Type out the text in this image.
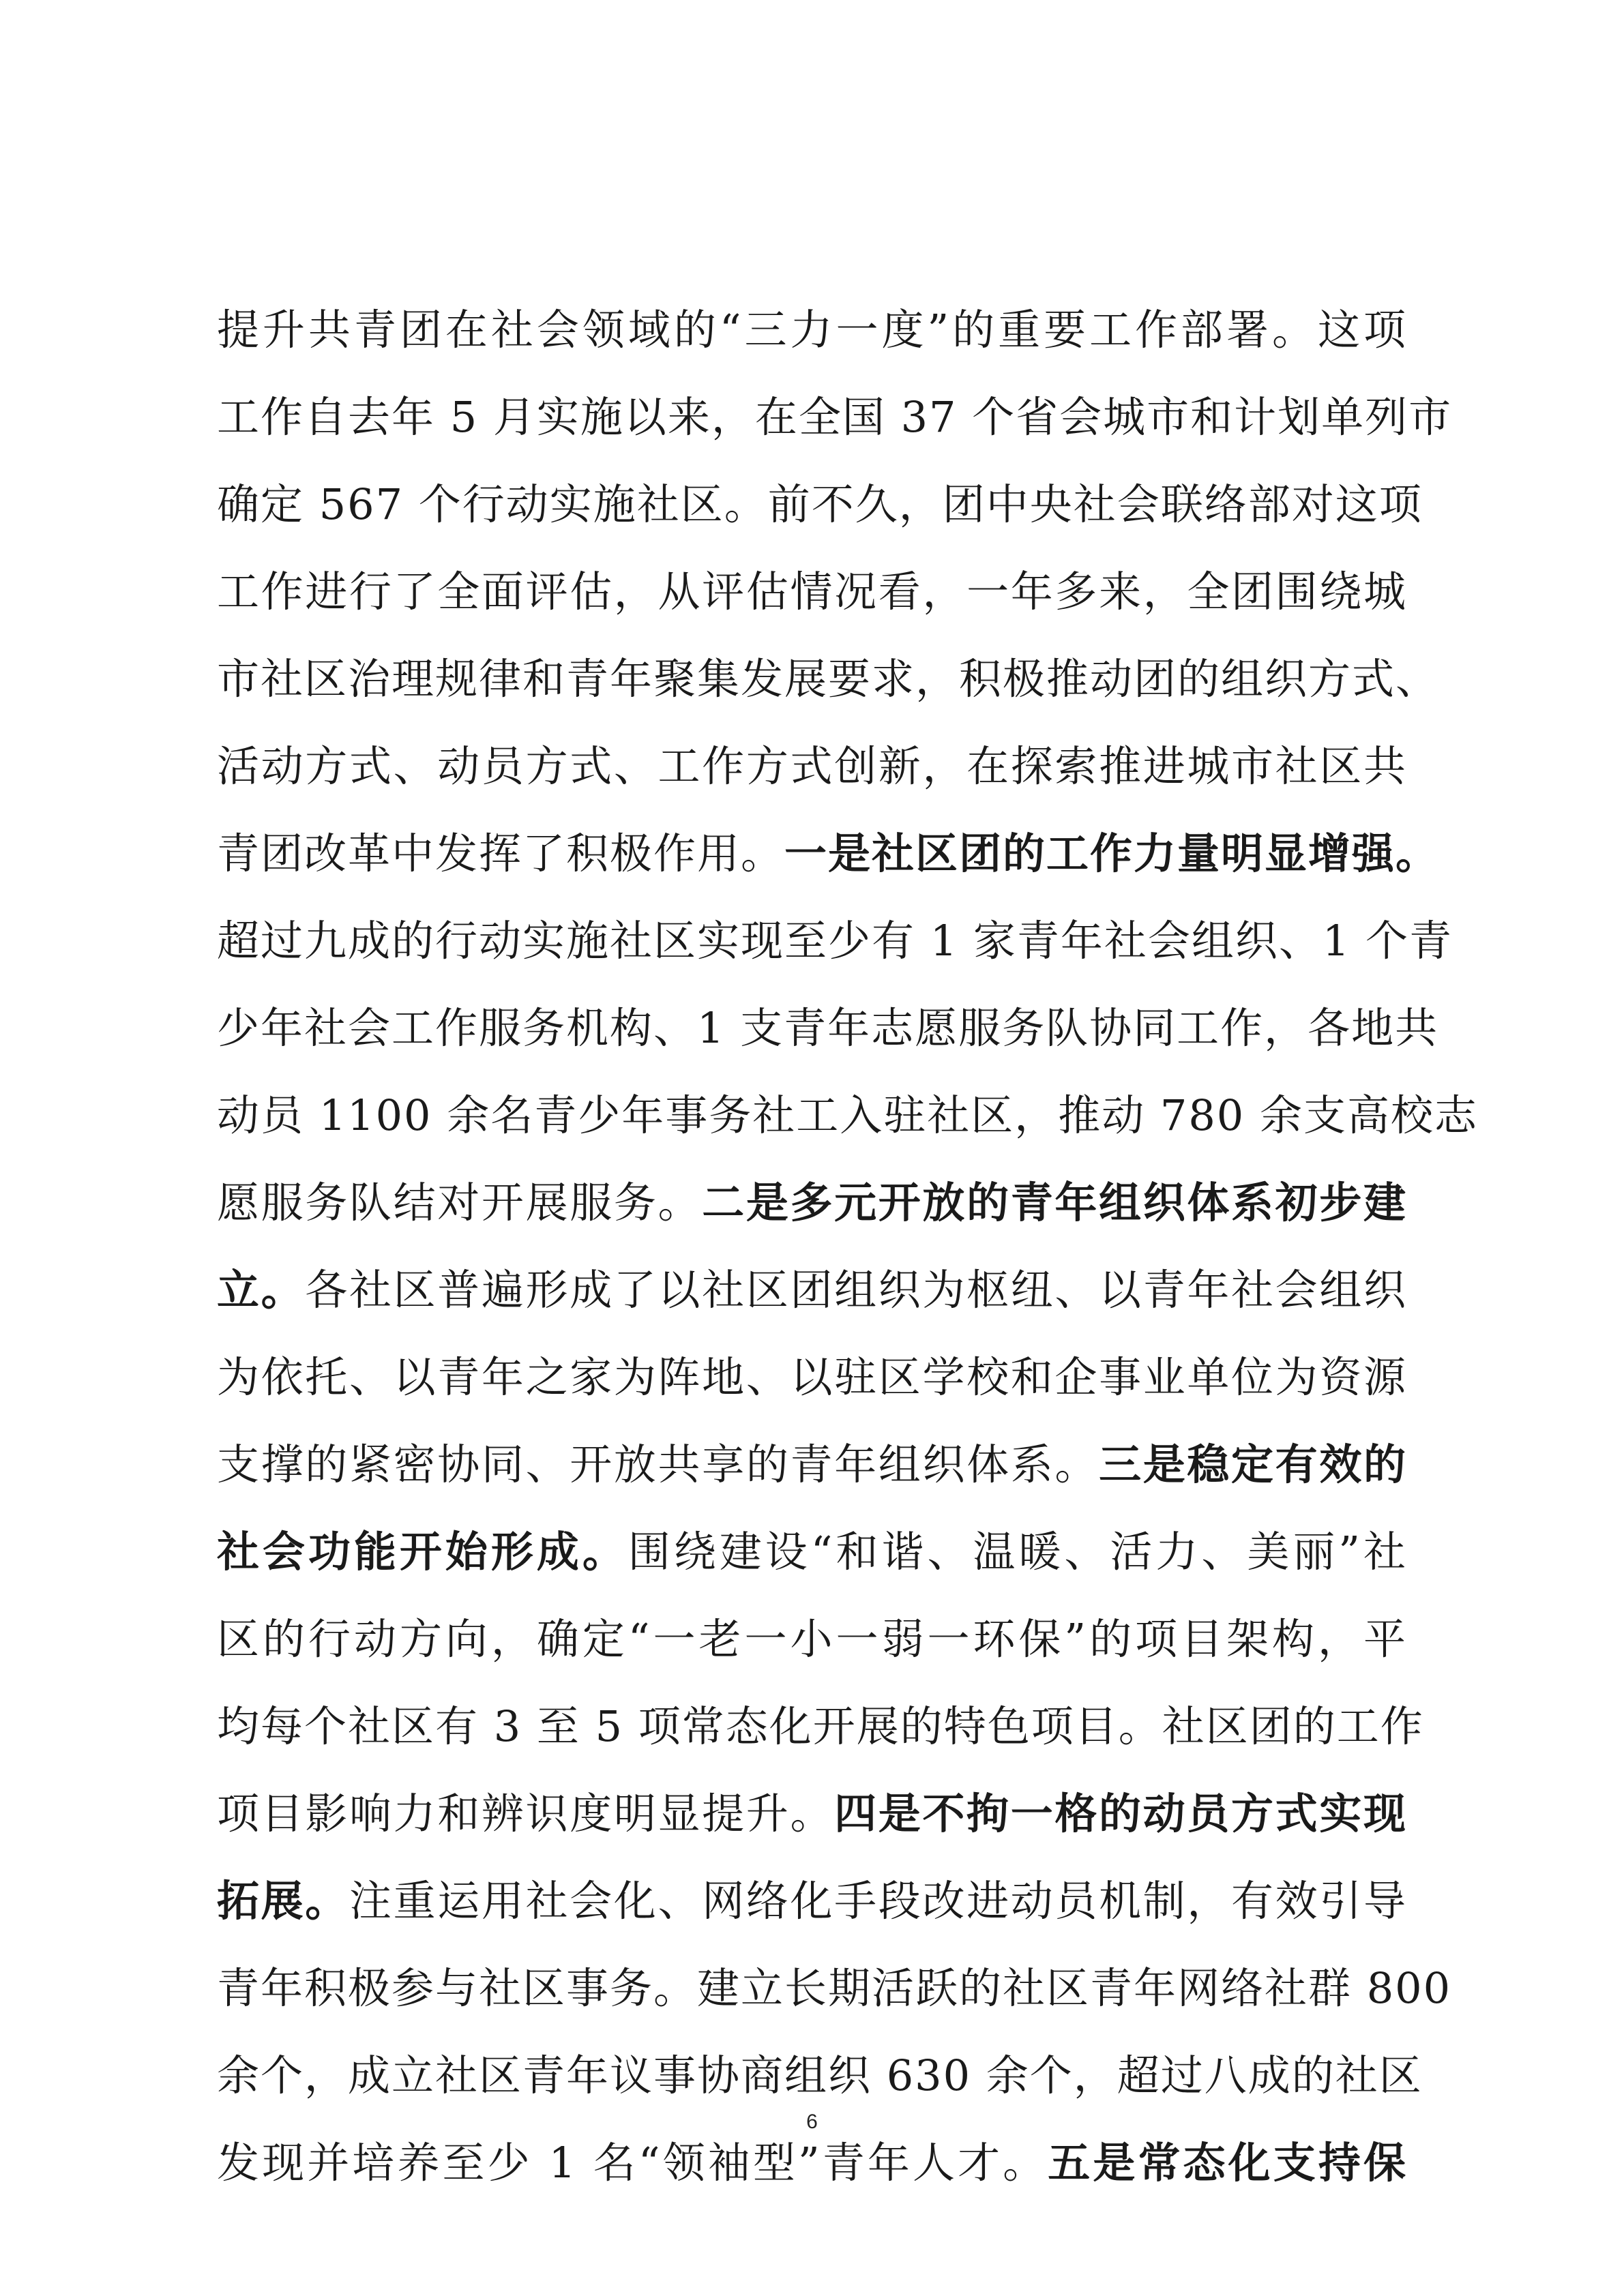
提升共青团在社会领域的“三力一度”的重要工作部署。这项
工作自去年 5 月实施以来，在全国 37 个省会城市和计划单列市
确定 567 个行动实施社区。前不久，团中央社会联络部对这项
工作进行了全面评估，从评估情况看，一年多来，全团围绕城
市社区治理规律和青年聚集发展要求，积极推动团的组织方式、
活动方式、动员方式、工作方式创新，在探索推进城市社区共
青团改革中发挥了积极作用。一是社区团的工作力量明显增强。
超过九成的行动实施社区实现至少有 1 家青年社会组织、1 个青
少年社会工作服务机构、1 支青年志愿服务队协同工作，各地共
动员 1100 余名青少年事务社工入驻社区，推动 780 余支高校志
愿服务队结对开展服务。二是多元开放的青年组织体系初步建
立。各社区普遍形成了以社区团组织为枢纽、以青年社会组织
为依托、以青年之家为阵地、以驻区学校和企事业单位为资源
支撑的紧密协同、开放共享的青年组织体系。三是稳定有效的
社会功能开始形成。围绕建设“和谐、温暖、活力、美丽”社
区的行动方向，确定“一老一小一弱一环保”的项目架构，平
均每个社区有 3 至 5 项常态化开展的特色项目。社区团的工作
项目影响力和辨识度明显提升。四是不拘一格的动员方式实现
拓展。注重运用社会化、网络化手段改进动员机制，有效引导
青年积极参与社区事务。建立长期活跃的社区青年网络社群 800
余个，成立社区青年议事协商组织 630 余个，超过八成的社区
发现并培养至少 1 名“领袖型”青年人才。五是常态化支持保
6
